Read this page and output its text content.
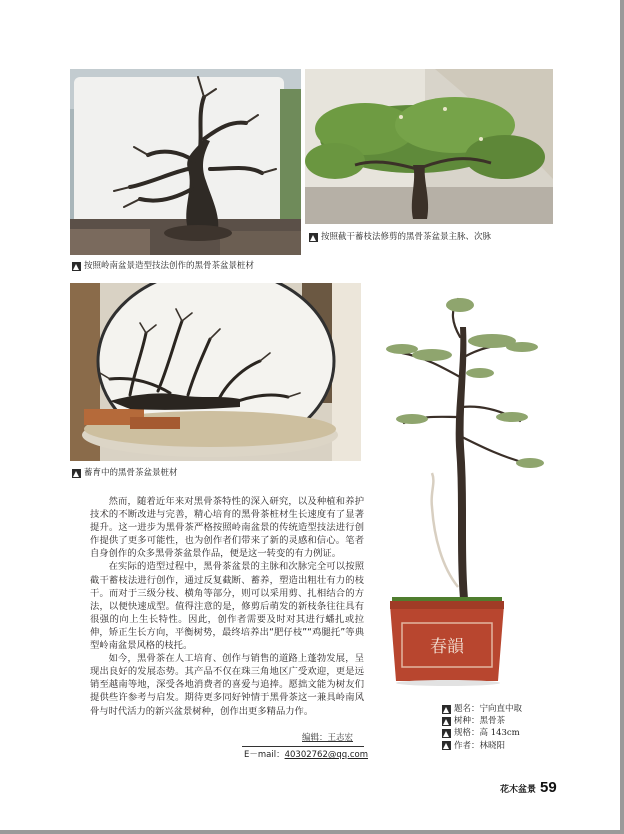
按照岭南盆景造型技法创作的黑骨茶盆景桩材
按照截干蓄枝法修剪的黑骨茶盆景主脉、次脉
蓄育中的黑骨茶盆景桩材
春韻

然而，随着近年来对黑骨茶特性的深入研究，以及种植和养护技术的不断改进与完善，精心培育的黑骨茶桩材生长速度有了显著提升。这一进步为黑骨茶严格按照岭南盆景的传统造型技法进行创作提供了更多可能性，也为创作者们带来了新的灵感和信心。笔者自身创作的众多黑骨茶盆景作品，便是这一转变的有力例证。

在实际的造型过程中，黑骨茶盆景的主脉和次脉完全可以按照截干蓄枝法进行创作，通过反复截断、蓄养，塑造出粗壮有力的枝干。而对于三级分枝、横角等部分，则可以采用剪、扎相结合的方法，以便快速成型。值得注意的是，修剪后萌发的新枝条往往具有很强的向上生长特性。因此，创作者需要及时对其进行蟠扎或拉伸，矫正生长方向，平衡树势，最终培养出“肥仔枝”“鸡腿托”等典型岭南盆景风格的枝托。

如今，黑骨茶在人工培育、创作与销售的道路上蓬勃发展，呈现出良好的发展态势。其产品不仅在珠三角地区广受欢迎，更是远销至越南等地，深受各地消费者的喜爱与追捧。愿拙文能为树友们提供些许参考与启发。期待更多同好钟情于黑骨茶这一兼具岭南风骨与时代活力的新兴盆景树种，创作出更多精品力作。

编辑：王志宏
E－mail：40302762@qq.com
题名：宁向直中取
树种：黑骨茶
规格：高 143cm
作者：林晓阳
花木盆景 59
